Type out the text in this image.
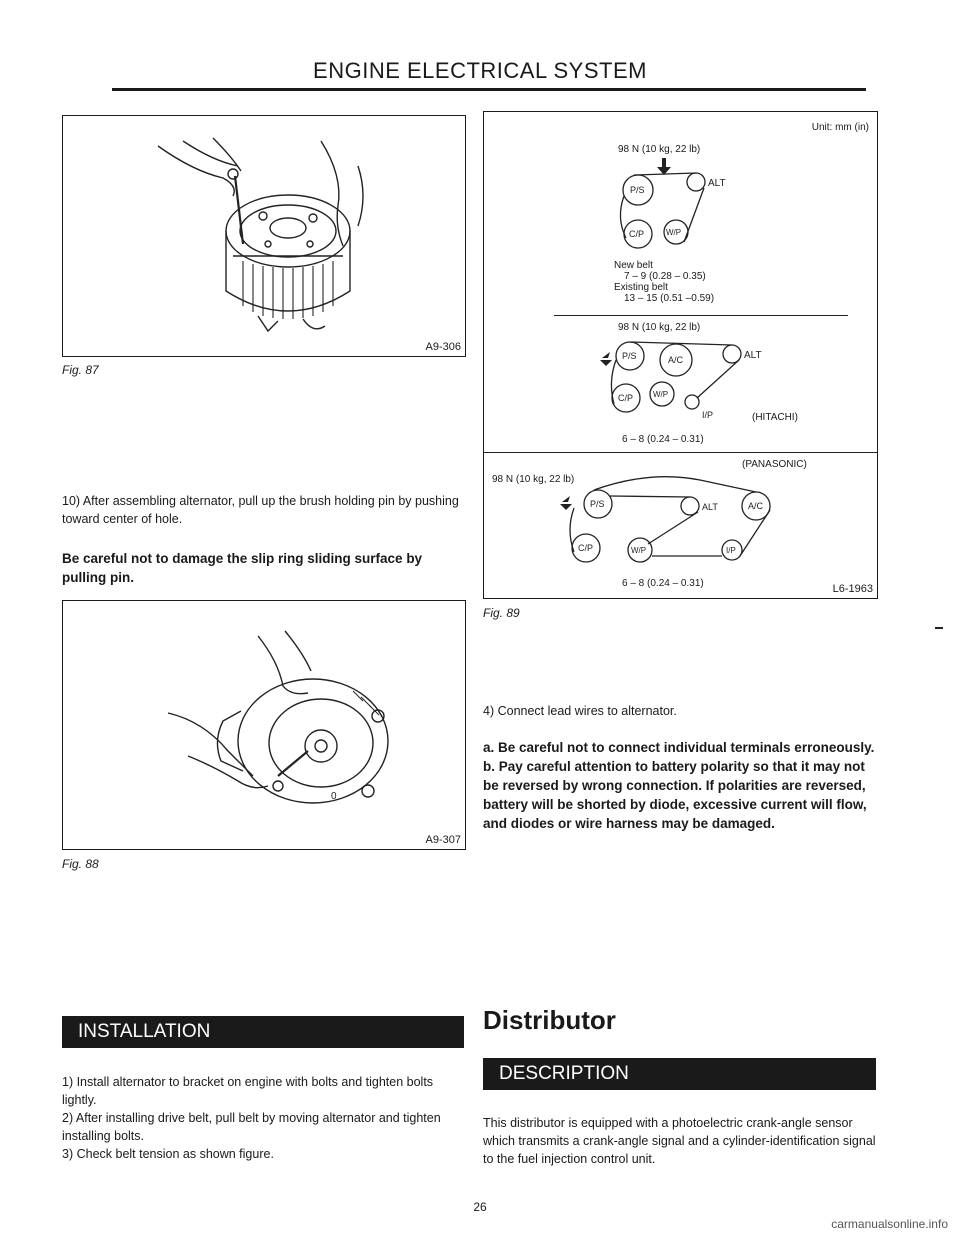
ENGINE ELECTRICAL SYSTEM
A9-306
Fig. 87
10) After assembling alternator, pull up the brush holding pin by pushing toward center of hole.
Be careful not to damage the slip ring sliding surface by pulling pin.
0
A9-307
Fig. 88
INSTALLATION
1) Install alternator to bracket on engine with bolts and tighten bolts lightly.
2) After installing drive belt, pull belt by moving alternator and tighten installing bolts.
3) Check belt tension as shown figure.
Unit: mm (in)
98 N (10 kg, 22 lb)
P/S
ALT
C/P	W/P
New belt
7 – 9 (0.28 – 0.35)
Existing belt
13 – 15 (0.51 –0.59)
98 N (10 kg, 22 lb)
P/S	A/C	ALT
C/P W/P
I/P	(HITACHI)
6 – 8 (0.24 – 0.31)
(PANASONIC)
98 N (10 kg, 22 lb)
P/S	ALT	A/C
C/P	W/P	I/P
6 – 8 (0.24 – 0.31)	L6-1963
Fig. 89
4) Connect lead wires to alternator.
a. Be careful not to connect individual terminals erroneously.
b. Pay careful attention to battery polarity so that it may not be reversed by wrong connection. If polarities are reversed, battery will be shorted by diode, excessive current will flow, and diodes or wire harness may be damaged.
Distributor
DESCRIPTION
This distributor is equipped with a photoelectric crank-angle sensor which transmits a crank-angle signal and a cylinder-identification signal to the fuel injection control unit.
26
carmanualsonline.info
